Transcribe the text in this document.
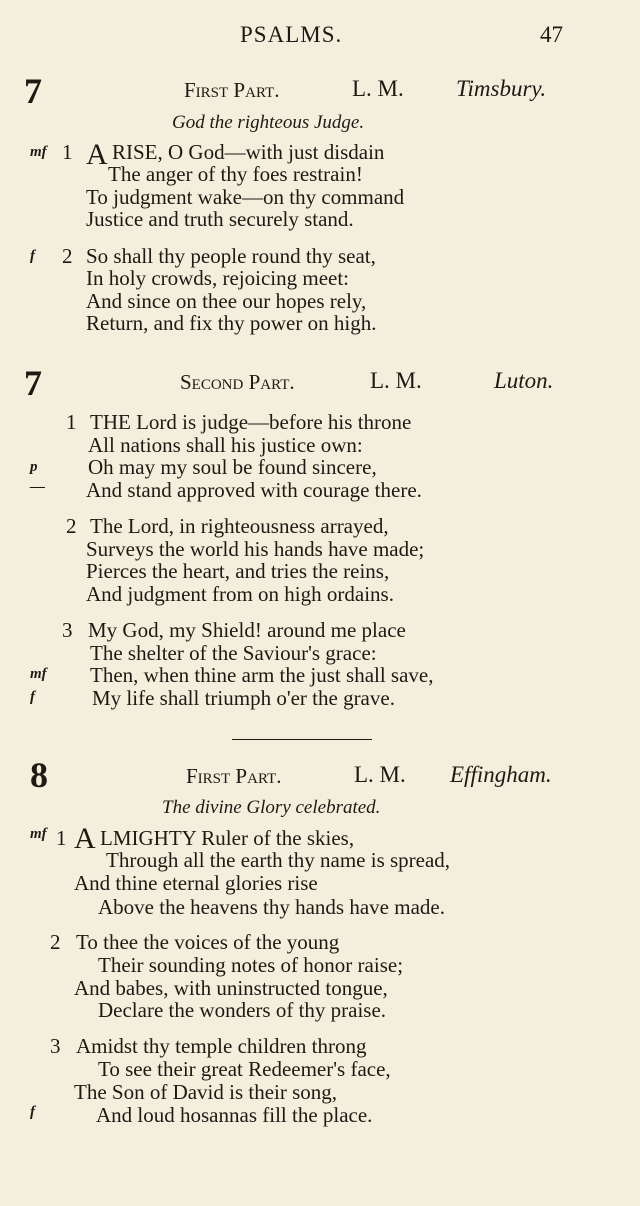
PSALMS.	47
7	First Part.	L. M. Timsbury.
God the righteous Judge.
mf 1 A RISE, O God—with just disdain
The anger of thy foes restrain!
To judgment wake—on thy command
Justice and truth securely stand.
f 2 So shall thy people round thy seat,
In holy crowds, rejoicing meet:
And since on thee our hopes rely,
Return, and fix thy power on high.
7	Second Part.	L. M.	Luton.
1 THE Lord is judge—before his throne
All nations shall his justice own:
p Oh may my soul be found sincere,
— And stand approved with courage there.
2 The Lord, in righteousness arrayed,
Surveys the world his hands have made;
Pierces the heart, and tries the reins,
And judgment from on high ordains.
3 My God, my Shield! around me place
The shelter of the Saviour's grace:
mf Then, when thine arm the just shall save,
f	My life shall triumph o'er the grave.
8	First Part.	L. M. Effingham.
The divine Glory celebrated.
mf 1 A LMIGHTY Ruler of the skies,
Through all the earth thy name is spread,
And thine eternal glories rise
Above the heavens thy hands have made.
2 To thee the voices of the young
Their sounding notes of honor raise;
And babes, with uninstructed tongue,
Declare the wonders of thy praise.
3 Amidst thy temple children throng
To see their great Redeemer's face,
The Son of David is their song,
f	And loud hosannas fill the place.
